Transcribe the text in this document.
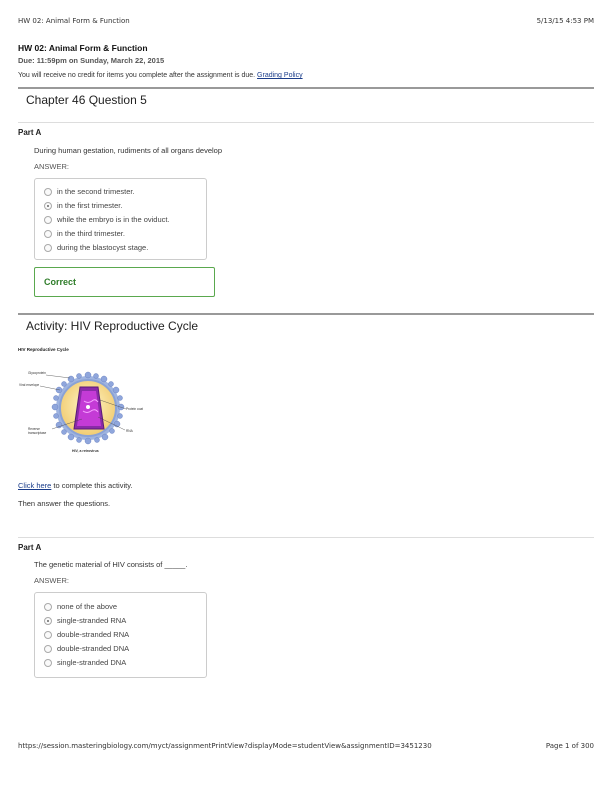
HW 02: Animal Form & Function	5/13/15 4:53 PM
HW 02: Animal Form & Function
Due: 11:59pm on Sunday, March 22, 2015
You will receive no credit for items you complete after the assignment is due. Grading Policy
Chapter 46 Question 5
Part A
During human gestation, rudiments of all organs develop
ANSWER:
in the second trimester.
in the first trimester.
while the embryo is in the oviduct.
in the third trimester.
during the blastocyst stage.
Correct
Activity: HIV Reproductive Cycle
HIV Reproductive Cycle
Glycoprotein
Viral envelope
Protein coat
Reverse transcriptase	RNA
HIV, a retrovirus
Click here to complete this activity.
Then answer the questions.
Part A
The genetic material of HIV consists of _____.
ANSWER:
none of the above
single-stranded RNA
double-stranded RNA
double-stranded DNA
single-stranded DNA
https://session.masteringbiology.com/myct/assignmentPrintView?displayMode=studentView&assignmentID=3451230	Page 1 of 300
